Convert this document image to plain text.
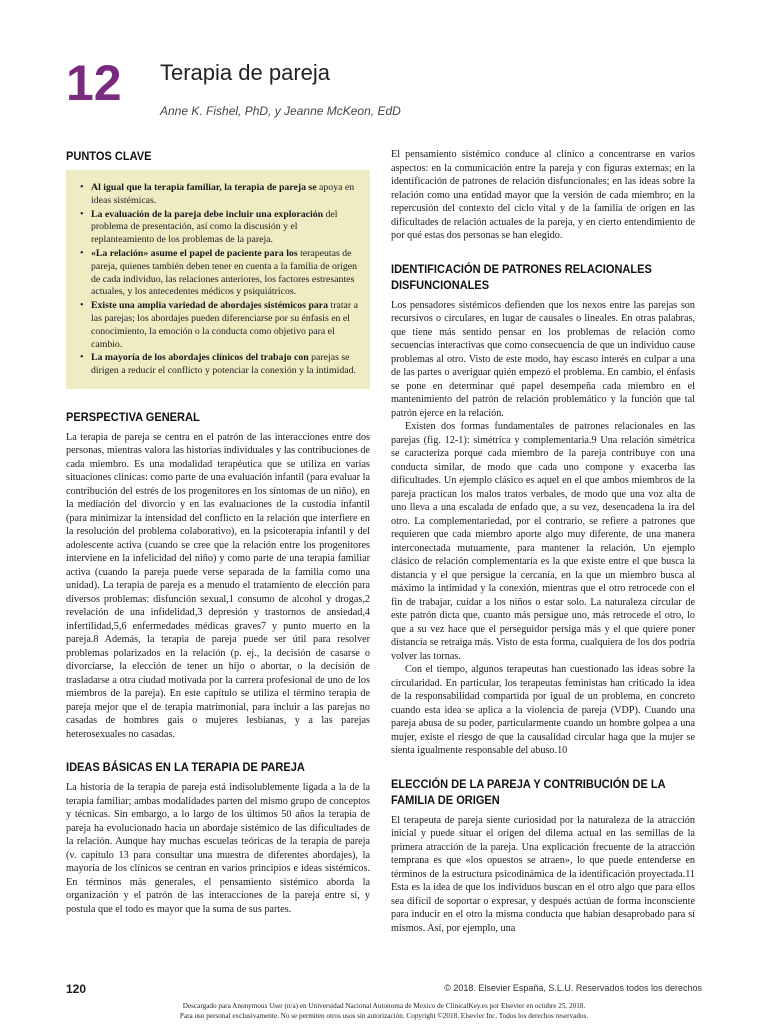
12 Terapia de pareja
Anne K. Fishel, PhD, y Jeanne McKeon, EdD
PUNTOS CLAVE
• Al igual que la terapia familiar, la terapia de pareja se apoya en ideas sistémicas.
• La evaluación de la pareja debe incluir una exploración del problema de presentación, así como la discusión y el replanteamiento de los problemas de la pareja.
• «La relación» asume el papel de paciente para los terapeutas de pareja, quienes también deben tener en cuenta a la familia de origen de cada individuo, las relaciones anteriores, los factores estresantes actuales, y los antecedentes médicos y psiquiátricos.
• Existe una amplia variedad de abordajes sistémicos para tratar a las parejas; los abordajes pueden diferenciarse por su énfasis en el conocimiento, la emoción o la conducta como objetivo para el cambio.
• La mayoría de los abordajes clínicos del trabajo con parejas se dirigen a reducir el conflicto y potenciar la conexión y la intimidad.
PERSPECTIVA GENERAL

La terapia de pareja se centra en el patrón de las interacciones entre dos personas, mientras valora las historias individuales y las contribuciones de cada miembro. Es una modalidad terapéutica que se utiliza en varias situaciones clínicas: como parte de una evaluación infantil (para evaluar la contribución del estrés de los progenitores en los síntomas de un niño), en la mediación del divorcio y en las evaluaciones de la custodia infantil (para minimizar la intensidad del conflicto en la relación que interfiere en la resolución del problema colaborativo), en la psicoterapia infantil y del adolescente activa (cuando se cree que la relación entre los progenitores interviene en la infelicidad del niño) y como parte de una terapia familiar activa (cuando la pareja puede verse separada de la familia como una unidad). La terapia de pareja es a menudo el tratamiento de elección para diversos problemas: disfunción sexual,1 consumo de alcohol y drogas,2 revelación de una infidelidad,3 depresión y trastornos de ansiedad,4 infertilidad,5,6 enfermedades médicas graves7 y punto muerto en la pareja.8 Además, la terapia de pareja puede ser útil para resolver problemas polarizados en la relación (p. ej., la decisión de casarse o divorciarse, la elección de tener un hijo o abortar, o la decisión de trasladarse a otra ciudad motivada por la carrera profesional de uno de los miembros de la pareja). En este capítulo se utiliza el término terapia de pareja mejor que el de terapia matrimonial, para incluir a las parejas no casadas de hombres gais o mujeres lesbianas, y a las parejas heterosexuales no casadas.

IDEAS BÁSICAS EN LA TERAPIA DE PAREJA

La historia de la terapia de pareja está indisolublemente ligada a la de la terapia familiar; ambas modalidades parten del mismo grupo de conceptos y técnicas. Sin embargo, a lo largo de los últimos 50 años la terapia de pareja ha evolucionado hacia un abordaje sistémico de las dificultades de la relación. Aunque hay muchas escuelas teóricas de la terapia de pareja (v. capítulo 13 para consultar una muestra de diferentes abordajes), la mayoría de los clínicos se centran en varios principios e ideas sistémicos. En términos más generales, el pensamiento sistémico aborda la organización y el patrón de las interacciones de la pareja entre sí, y postula que el todo es mayor que la suma de sus partes.

El pensamiento sistémico conduce al clínico a concentrarse en varios aspectos: en la comunicación entre la pareja y con figuras externas; en la identificación de patrones de relación disfuncionales; en las ideas sobre la relación como una entidad mayor que la versión de cada miembro; en la repercusión del contexto del ciclo vital y de la familia de origen en las dificultades de relación actuales de la pareja, y en cierto entendimiento de por qué estas dos personas se han elegido.

IDENTIFICACIÓN DE PATRONES RELACIONALES DISFUNCIONALES

Los pensadores sistémicos defienden que los nexos entre las parejas son recursivos o circulares, en lugar de causales o lineales. En otras palabras, que tiene más sentido pensar en los problemas de relación como secuencias interactivas que como consecuencia de que un individuo cause problemas al otro. Visto de este modo, hay escaso interés en culpar a una de las partes o averiguar quién empezó el problema. En cambio, el énfasis se pone en determinar qué papel desempeña cada miembro en el mantenimiento del patrón de relación problemático y la función que tal patrón ejerce en la relación.

Existen dos formas fundamentales de patrones relacionales en las parejas (fig. 12-1): simétrica y complementaria.9 Una relación simétrica se caracteriza porque cada miembro de la pareja contribuye con una conducta similar, de modo que cada uno compone y exacerba las dificultades. Un ejemplo clásico es aquel en el que ambos miembros de la pareja practican los malos tratos verbales, de modo que una voz alta de uno lleva a una escalada de enfado que, a su vez, desencadena la ira del otro. La complementariedad, por el contrario, se refiere a patrones que requieren que cada miembro aporte algo muy diferente, de una manera interconectada mutuamente, para mantener la relación. Un ejemplo clásico de relación complementaria es la que existe entre el que busca la distancia y el que persigue la cercanía, en la que un miembro busca al máximo la intimidad y la conexión, mientras que el otro retrocede con el fin de trabajar, cuidar a los niños o estar solo. La naturaleza circular de este patrón dicta que, cuanto más persigue uno, más retrocede el otro, lo que a su vez hace que el perseguidor persiga más y el que quiere poner distancia se retraiga más. Visto de esta forma, cualquiera de los dos podría volver las tornas.

Con el tiempo, algunos terapeutas han cuestionado las ideas sobre la circularidad. En particular, los terapeutas feministas han criticado la idea de la responsabilidad compartida por igual de un problema, en concreto cuando esta idea se aplica a la violencia de pareja (VDP). Cuando una pareja abusa de su poder, particularmente cuando un hombre golpea a una mujer, existe el riesgo de que la causalidad circular haga que la mujer se sienta igualmente responsable del abuso.10

ELECCIÓN DE LA PAREJA Y CONTRIBUCIÓN DE LA FAMILIA DE ORIGEN

El terapeuta de pareja siente curiosidad por la naturaleza de la atracción inicial y puede situar el origen del dilema actual en las semillas de la primera atracción de la pareja. Una explicación frecuente de la atracción temprana es que «los opuestos se atraen», lo que puede entenderse en términos de la estructura psicodinámica de la identificación proyectada.11 Esta es la idea de que los individuos buscan en el otro algo que para ellos sea difícil de soportar o expresar, y después actúan de forma inconsciente para inducir en el otro la misma conducta que habían desaprobado para sí mismos. Así, por ejemplo, una

120	© 2018. Elsevier España, S.L.U. Reservados todos los derechos
Descargado para Anonymous User (n/a) en Universidad Nacional Autonoma de Mexico de ClinicalKey.es por Elsevier en octubre 25, 2018.
Para uso personal exclusivamente. No se permiten otros usos sin autorización. Copyright ©2018. Elsevier Inc. Todos los derechos reservados.
